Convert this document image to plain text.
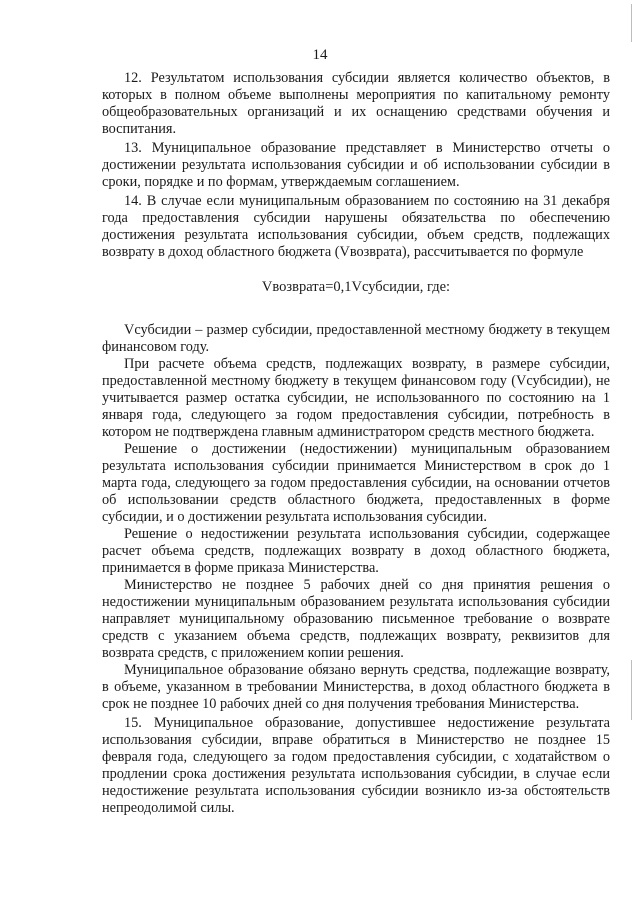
14

12. Результатом использования субсидии является количество объектов, в которых в полном объеме выполнены мероприятия по капитальному ремонту общеобразовательных организаций и их оснащению средствами обучения и воспитания.

13. Муниципальное образование представляет в Министерство отчеты о достижении результата использования субсидии и об использовании субсидии в сроки, порядке и по формам, утверждаемым соглашением.

14. В случае если муниципальным образованием по состоянию на 31 декабря года предоставления субсидии нарушены обязательства по обеспечению достижения результата использования субсидии, объем средств, подлежащих возврату в доход областного бюджета (Vвозврата), рассчитывается по формуле

Vвозврата=0,1Vсубсидии, где:

Vсубсидии – размер субсидии, предоставленной местному бюджету в текущем финансовом году.

При расчете объема средств, подлежащих возврату, в размере субсидии, предоставленной местному бюджету в текущем финансовом году (Vсубсидии), не учитывается размер остатка субсидии, не использованного по состоянию на 1 января года, следующего за годом предоставления субсидии, потребность в котором не подтверждена главным администратором средств местного бюджета.

Решение о достижении (недостижении) муниципальным образованием результата использования субсидии принимается Министерством в срок до 1 марта года, следующего за годом предоставления субсидии, на основании отчетов об использовании средств областного бюджета, предоставленных в форме субсидии, и о достижении результата использования субсидии.

Решение о недостижении результата использования субсидии, содержащее расчет объема средств, подлежащих возврату в доход областного бюджета, принимается в форме приказа Министерства.

Министерство не позднее 5 рабочих дней со дня принятия решения о недостижении муниципальным образованием результата использования субсидии направляет муниципальному образованию письменное требование о возврате средств с указанием объема средств, подлежащих возврату, реквизитов для возврата средств, с приложением копии решения.

Муниципальное образование обязано вернуть средства, подлежащие возврату, в объеме, указанном в требовании Министерства, в доход областного бюджета в срок не позднее 10 рабочих дней со дня получения требования Министерства.

15. Муниципальное образование, допустившее недостижение результата использования субсидии, вправе обратиться в Министерство не позднее 15 февраля года, следующего за годом предоставления субсидии, с ходатайством о продлении срока достижения результата использования субсидии, в случае если недостижение результата использования субсидии возникло из-за обстоятельств непреодолимой силы.
